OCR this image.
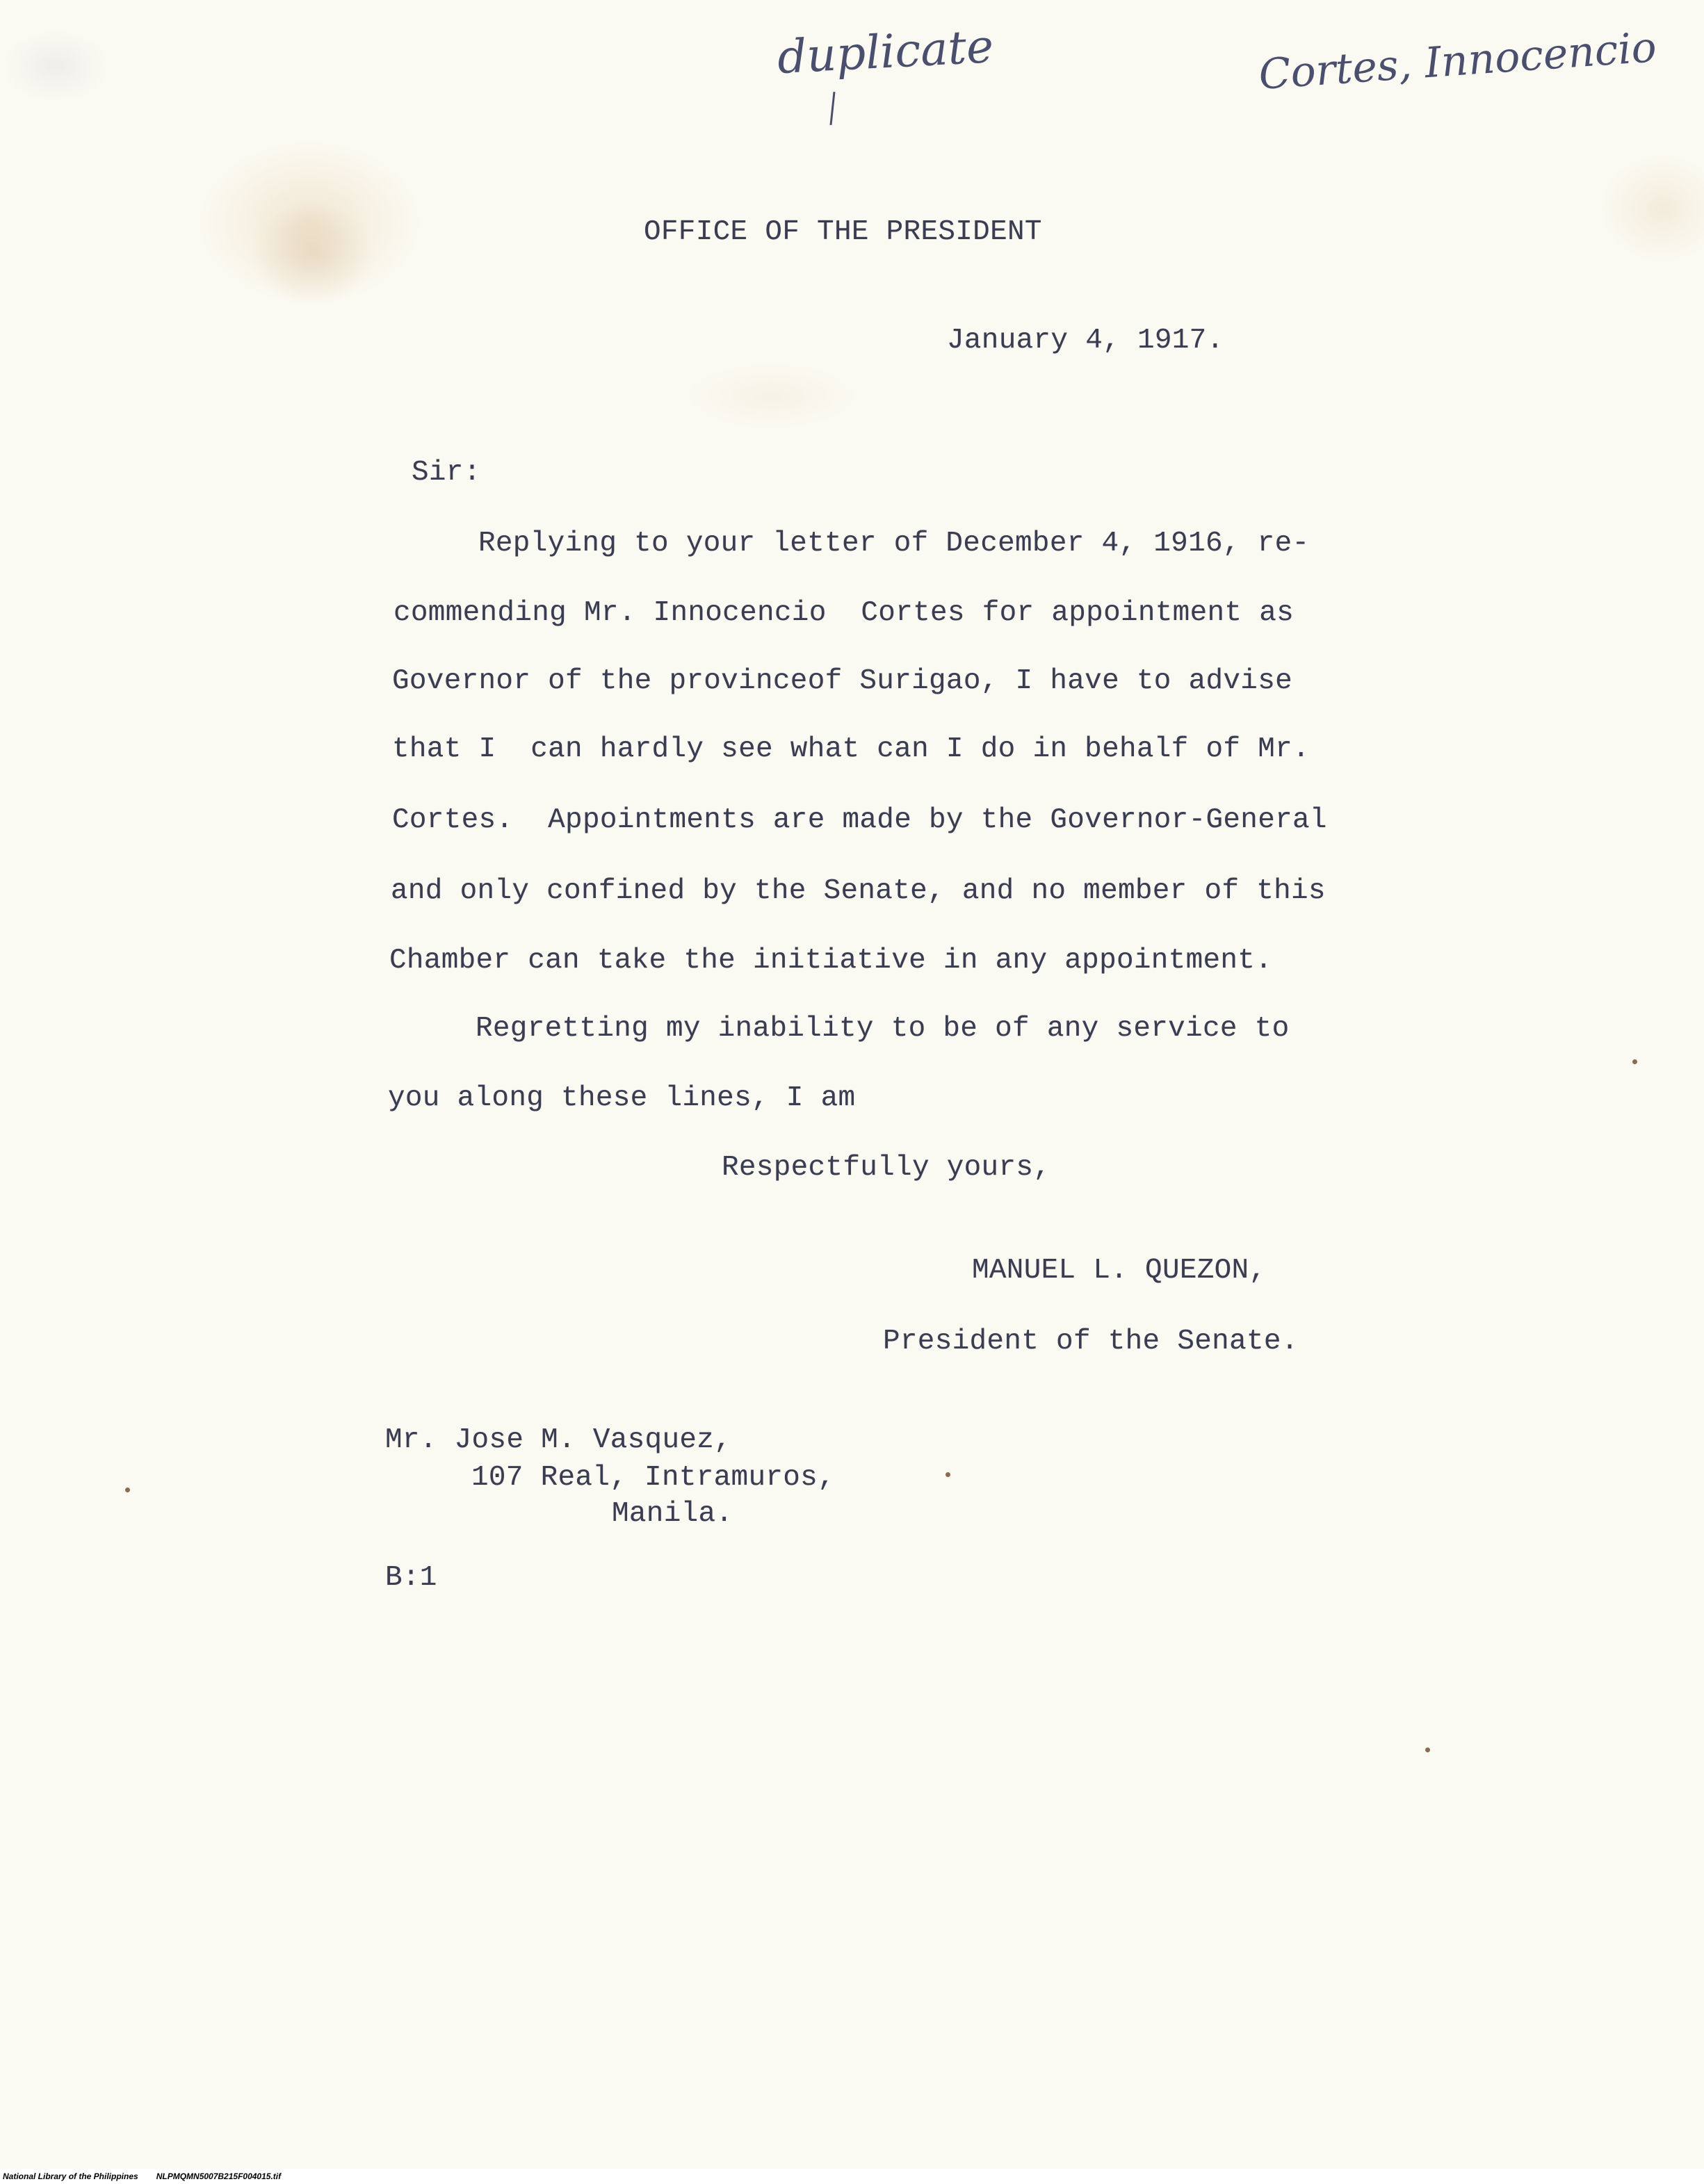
duplicate	Cortes, Innocencio
OFFICE OF THE PRESIDENT
January 4, 1917.
Sir:
Replying to your letter of December 4, 1916, re-
commending Mr. Innocencio  Cortes for appointment as
Governor of the provinceof Surigao, I have to advise
that I  can hardly see what can I do in behalf of Mr.
Cortes.  Appointments are made by the Governor-General
and only confined by the Senate, and no member of this
Chamber can take the initiative in any appointment.
Regretting my inability to be of any service to
you along these lines, I am
Respectfully yours,
MANUEL L. QUEZON,
President of the Senate.
Mr. Jose M. Vasquez,
107 Real, Intramuros,
Manila.
B:1
National Library of the Philippines NLPMQMN5007B215F004015.tif
